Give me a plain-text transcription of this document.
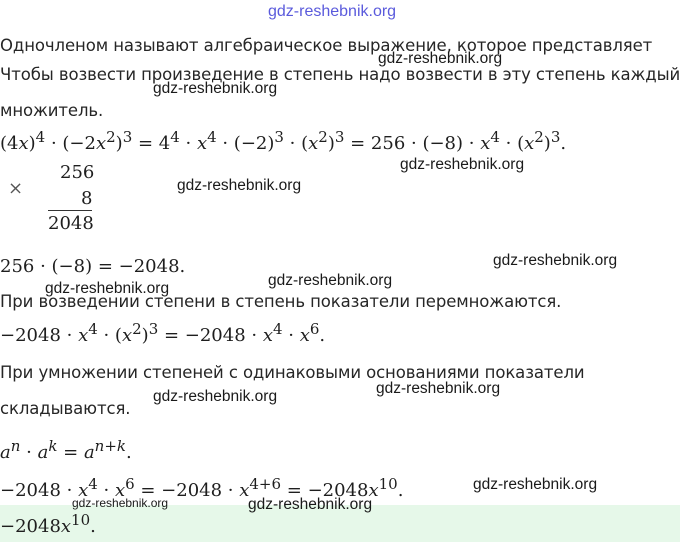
gdz-reshebnik.org
Одночленом называют алгебраическое выражение, которое представляет
Чтобы возвести произведение в степень надо возвести в эту степень каждый
множитель.
$(4x)^4 \cdot (-2x^2)^3 = 4^4 \cdot x^4 \cdot (-2)^3 \cdot (x^2)^3 = 256 \cdot (-8) \cdot x^4 \cdot (x^2)^3$.
×
256
8
2048
256 · (−8) = −2048.
При возведении степени в степень показатели перемножаются.
$-2048 \cdot x^4 \cdot (x^2)^3 = -2048 \cdot x^4 \cdot x^6$.
При умножении степеней с одинаковыми основаниями показатели
складываются.
$a^n \cdot a^k = a^{n+k}$.
$-2048 \cdot x^4 \cdot x^6 = -2048 \cdot x^{4+6} = -2048x^{10}$.
$-2048x^{10}$.
gdz-reshebnik.org
gdz-reshebnik.org
gdz-reshebnik.org
gdz-reshebnik.org
gdz-reshebnik.org
gdz-reshebnik.org
gdz-reshebnik.org
gdz-reshebnik.org
gdz-reshebnik.org
gdz-reshebnik.org
gdz-reshebnik.org	gdz-reshebnik.org
